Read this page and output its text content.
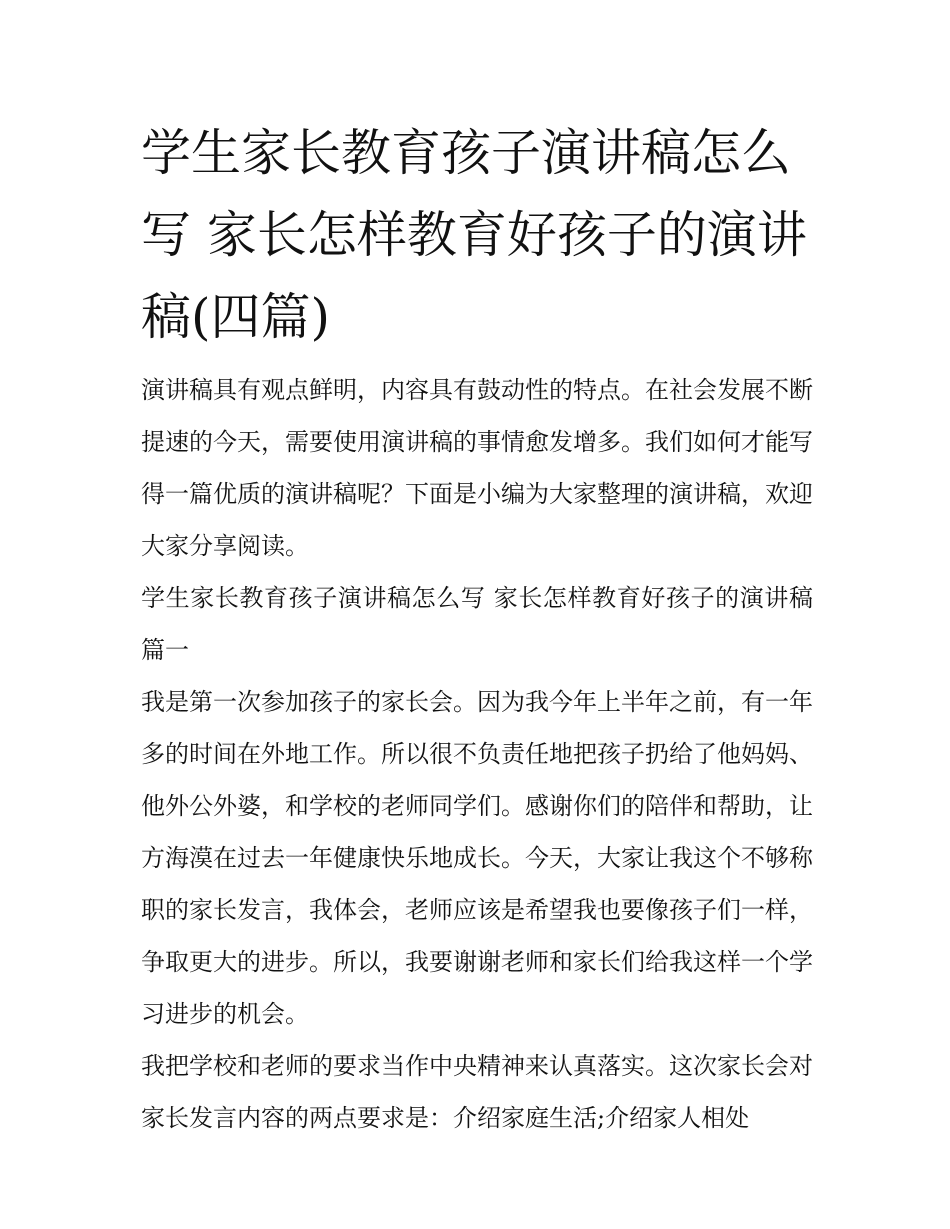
学生家长教育孩子演讲稿怎么写 家长怎样教育好孩子的演讲稿(四篇)

演讲稿具有观点鲜明，内容具有鼓动性的特点。在社会发展不断提速的今天，需要使用演讲稿的事情愈发增多。我们如何才能写得一篇优质的演讲稿呢？下面是小编为大家整理的演讲稿，欢迎大家分享阅读。

学生家长教育孩子演讲稿怎么写 家长怎样教育好孩子的演讲稿篇一

我是第一次参加孩子的家长会。因为我今年上半年之前，有一年多的时间在外地工作。所以很不负责任地把孩子扔给了他妈妈、他外公外婆，和学校的老师同学们。感谢你们的陪伴和帮助，让方海漠在过去一年健康快乐地成长。今天，大家让我这个不够称职的家长发言，我体会，老师应该是希望我也要像孩子们一样，争取更大的进步。所以，我要谢谢老师和家长们给我这样一个学习进步的机会。

我把学校和老师的要求当作中央精神来认真落实。这次家长会对家长发言内容的两点要求是：介绍家庭生活;介绍家人相处
